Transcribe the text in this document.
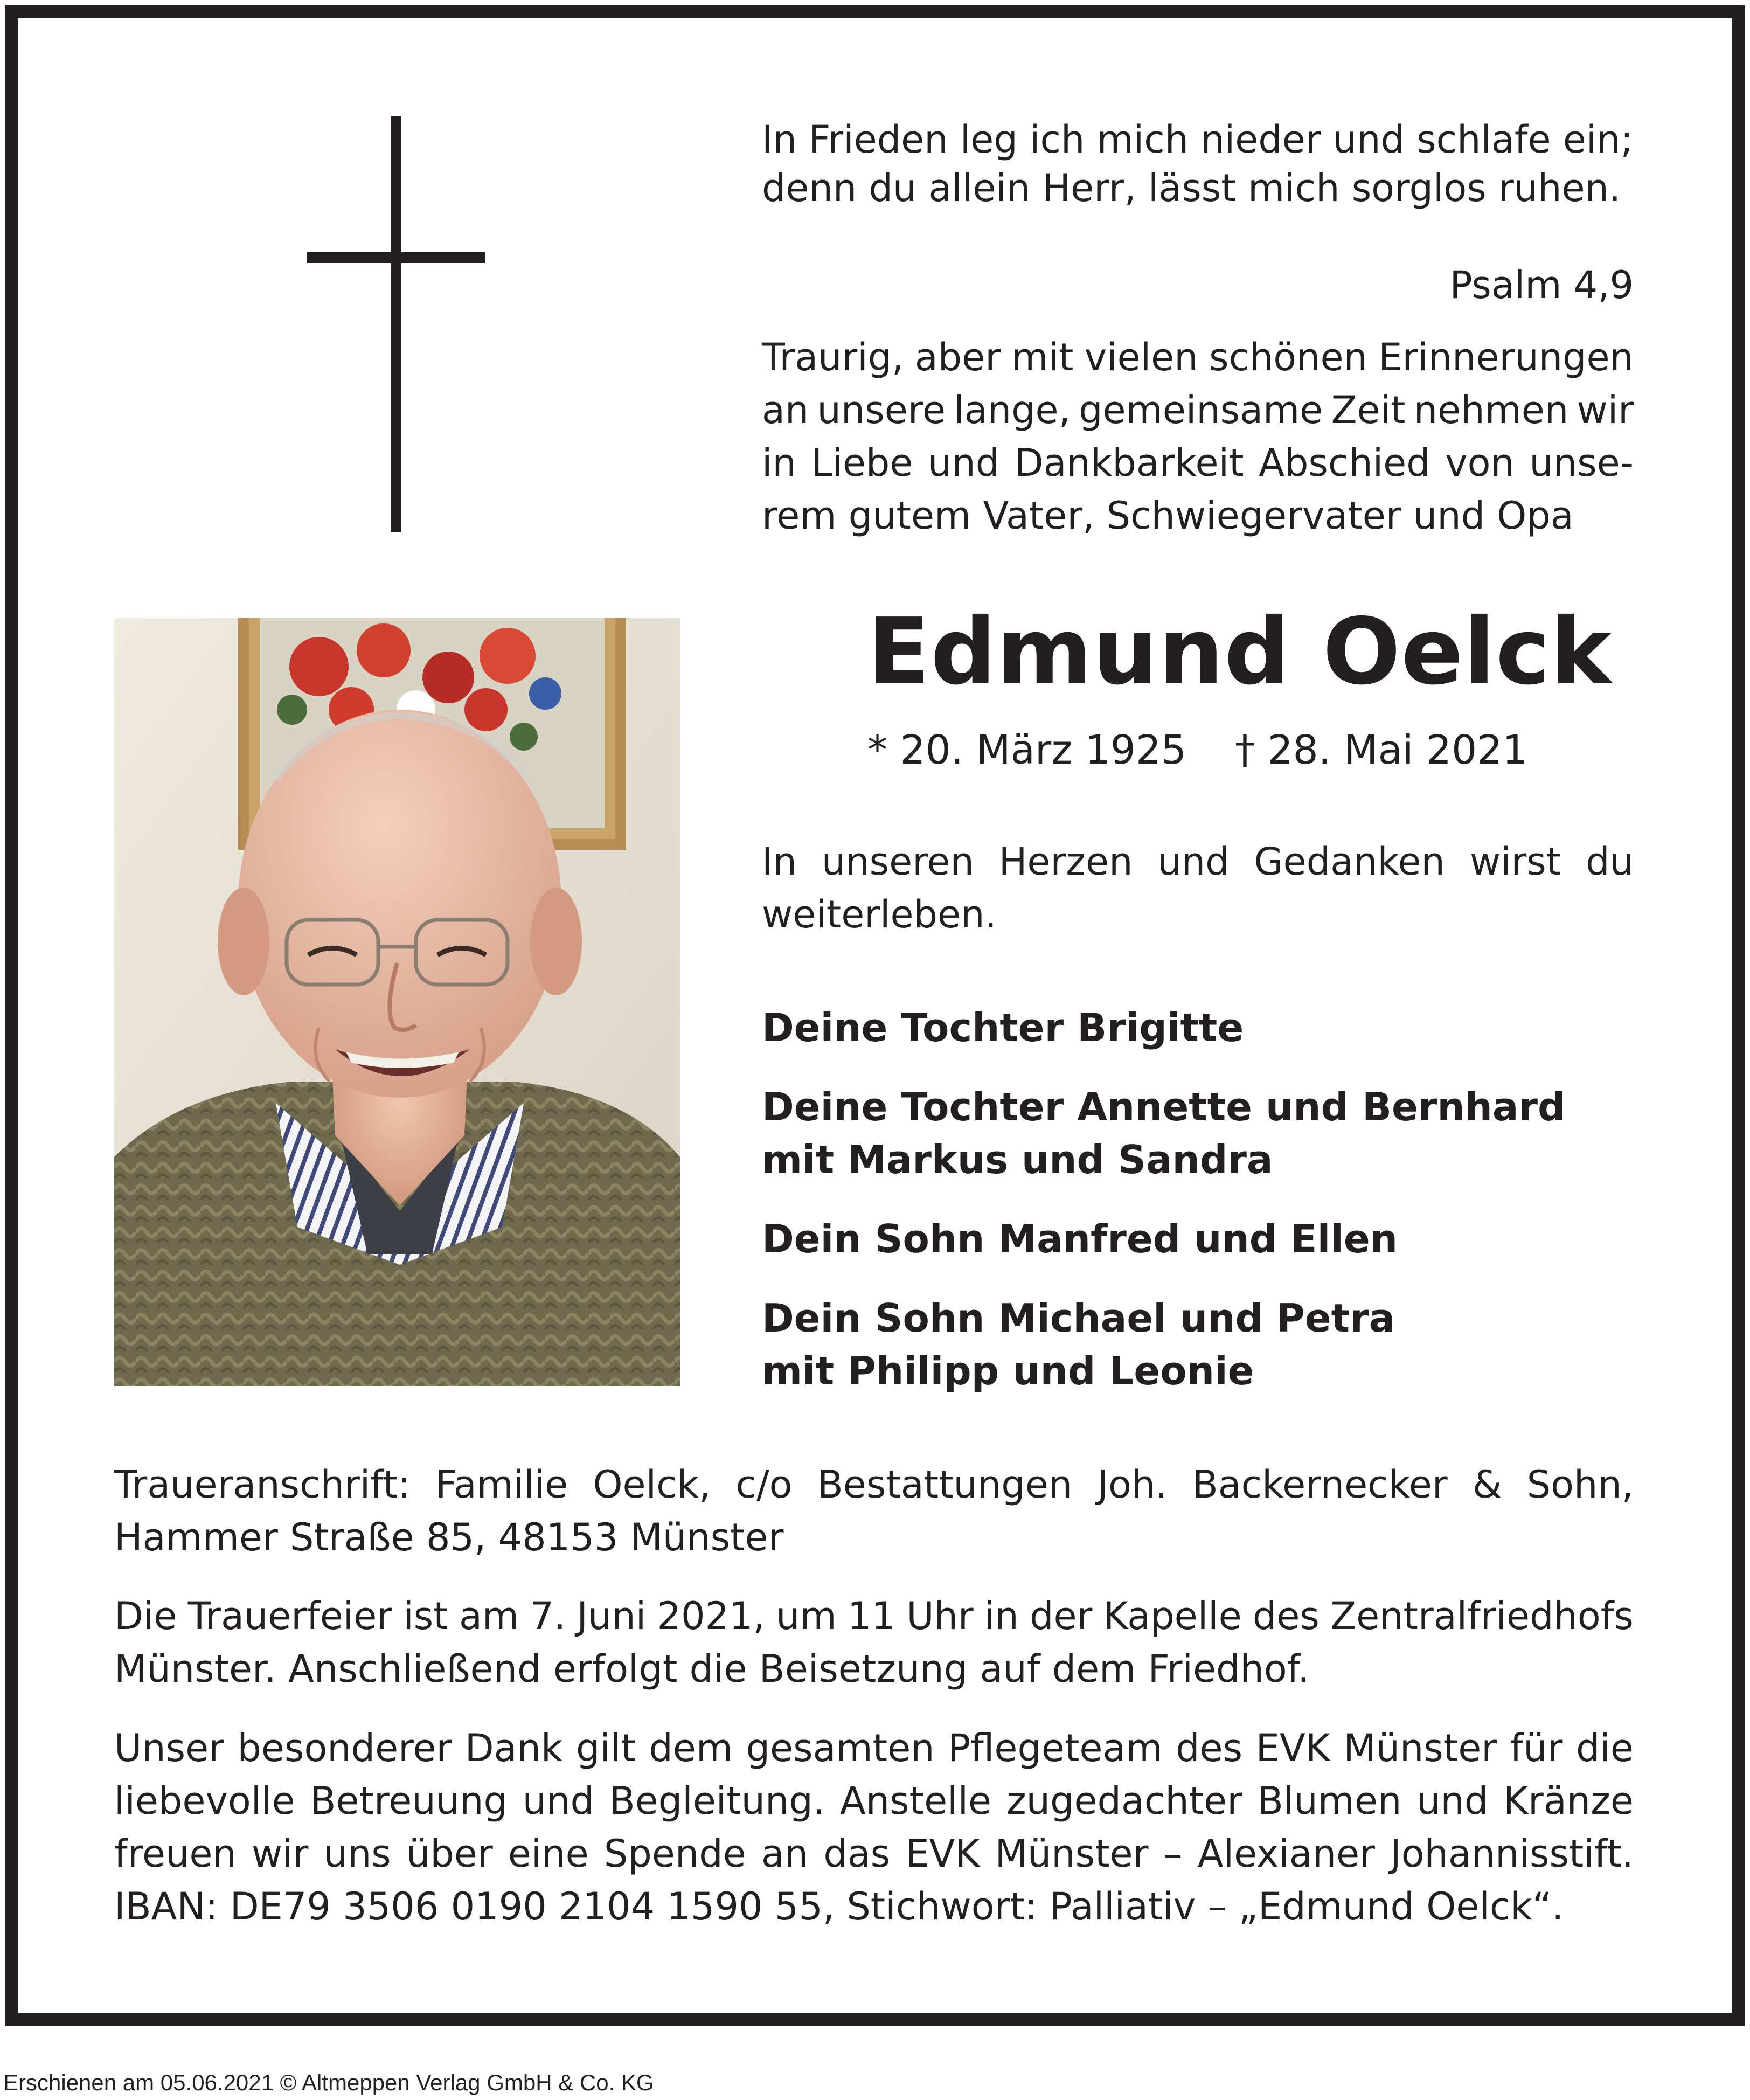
In Frieden leg ich mich nieder und schlafe ein;

denn du allein Herr, lässt mich sorglos ruhen.

Psalm 4,9

Traurig, aber mit vielen schönen Erinnerungen
an unsere lange, gemeinsame Zeit nehmen wir
in Liebe und Dankbarkeit Abschied von unse-
rem gutem Vater, Schwiegervater und Opa
Edmund Oelck
* 20. März 1925 † 28. Mai 2021
In unseren Herzen und Gedanken wirst du
weiterleben.
Deine Tochter Brigitte
Deine Tochter Annette und Bernhard
mit Markus und Sandra
Dein Sohn Manfred und Ellen
Dein Sohn Michael und Petra
mit Philipp und Leonie
Traueranschrift: Familie Oelck, c/o Bestattungen Joh. Backernecker & Sohn,
Hammer Straße 85, 48153 Münster
Die Trauerfeier ist am 7. Juni 2021, um 11 Uhr in der Kapelle des Zentralfriedhofs
Münster. Anschließend erfolgt die Beisetzung auf dem Friedhof.
Unser besonderer Dank gilt dem gesamten Pflegeteam des EVK Münster für die
liebevolle Betreuung und Begleitung. Anstelle zugedachter Blumen und Kränze
freuen wir uns über eine Spende an das EVK Münster – Alexianer Johannisstift.
IBAN: DE79 3506 0190 2104 1590 55, Stichwort: Palliativ – „Edmund Oelck“.
Erschienen am 05.06.2021 © Altmeppen Verlag GmbH & Co. KG
